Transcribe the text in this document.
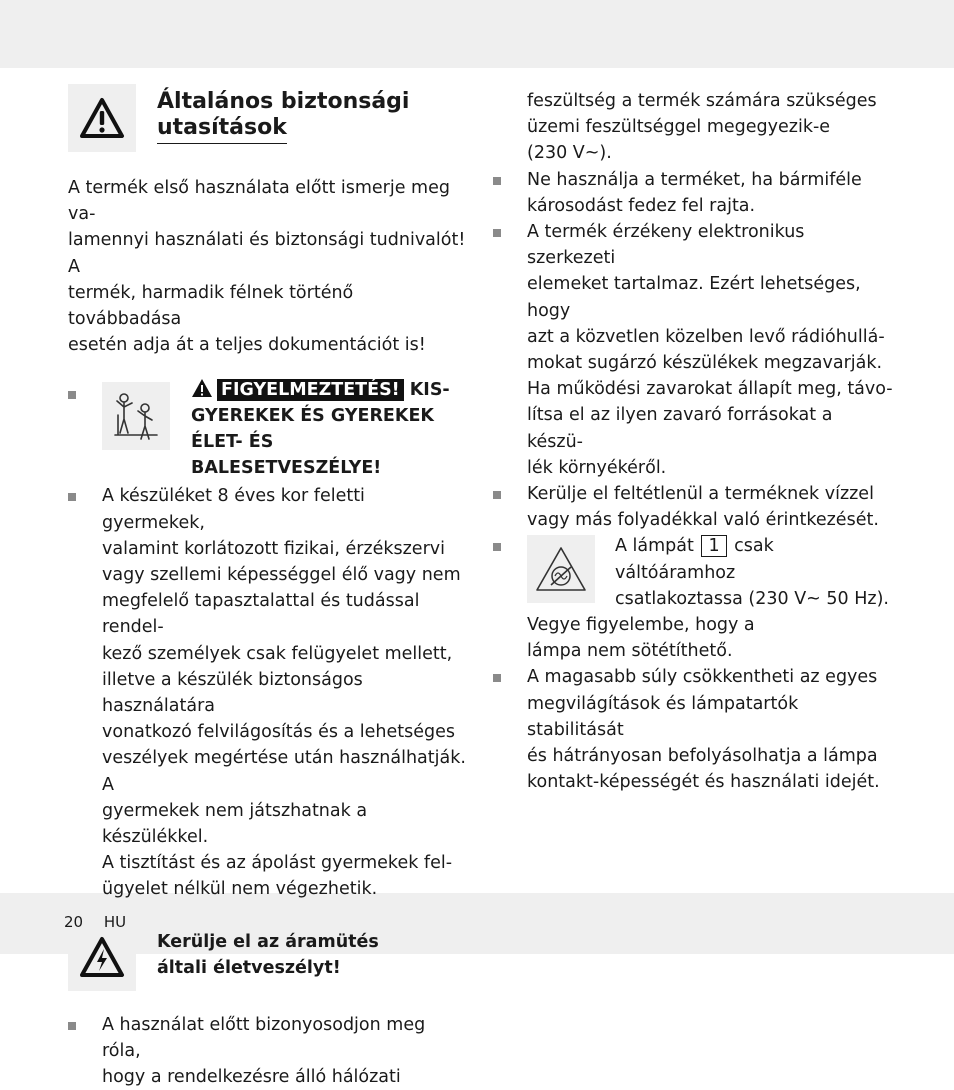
Általános biztonsági
utasítások
A termék első használata előtt ismerje meg va-
lamennyi használati és biztonsági tudnivalót! A
termék, harmadik félnek történő továbbadása
esetén adja át a teljes dokumentációt is!
FIGYELMEZTETÉS! KIS-
GYEREKEK ÉS GYEREKEK
ÉLET- ÉS BALESETVESZÉLYE!
A készüléket 8 éves kor feletti gyermekek,
valamint korlátozott fizikai, érzékszervi
vagy szellemi képességgel élő vagy nem
megfelelő tapasztalattal és tudással rendel-
kező személyek csak felügyelet mellett,
illetve a készülék biztonságos használatára
vonatkozó felvilágosítás és a lehetséges
veszélyek megértése után használhatják. A
gyermekek nem játszhatnak a készülékkel.
A tisztítást és az ápolást gyermekek fel-
ügyelet nélkül nem végezhetik.
Kerülje el az áramütés
általi életveszélyt!
A használat előtt bizonyosodjon meg róla,
hogy a rendelkezésre álló hálózati
feszültség a termék számára szükséges
üzemi feszültséggel megegyezik-e
(230 V~).
Ne használja a terméket, ha bármiféle
károsodást fedez fel rajta.
A termék érzékeny elektronikus szerkezeti
elemeket tartalmaz. Ezért lehetséges, hogy
azt a közvetlen közelben levő rádióhullá-
mokat sugárzó készülékek megzavarják.
Ha működési zavarokat állapít meg, távo-
lítsa el az ilyen zavaró forrásokat a készü-
lék környékéről.
Kerülje el feltétlenül a terméknek vízzel
vagy más folyadékkal való érintkezését.
A lámpát 1 csak váltóáramhoz
csatlakoztassa (230 V~ 50 Hz).
Vegye figyelembe, hogy a
lámpa nem sötétíthető.
A magasabb súly csökkentheti az egyes
megvilágítások és lámpatartók stabilitását
és hátrányosan befolyásolhatja a lámpa
kontakt-képességét és használati idejét.
20 HU
